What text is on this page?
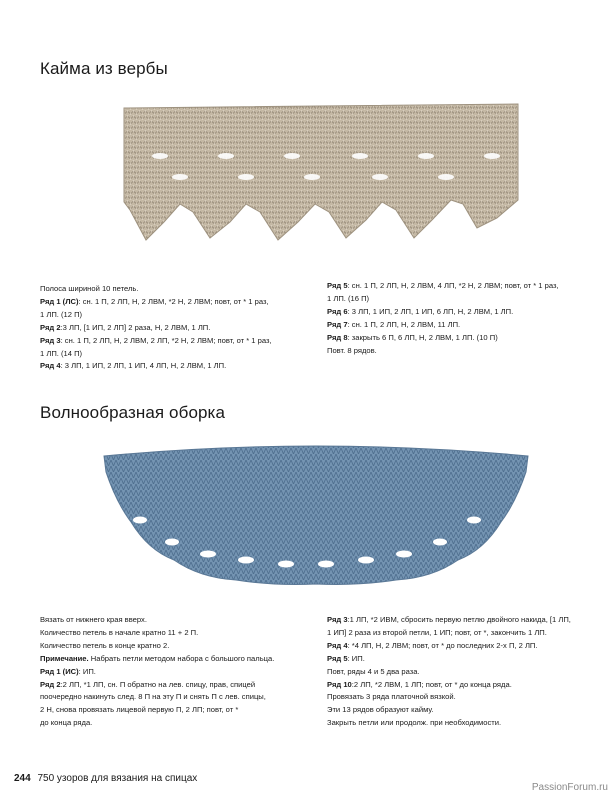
Кайма из вербы

Полоса шириной 10 петель.

Ряд 1 (ЛС): сн. 1 П, 2 ЛП, Н, 2 ЛВМ, *2 Н, 2 ЛВМ; повт, от * 1 раз,

1 ЛП. (12 П)

Ряд 2:3 ЛП, [1 ИП, 2 ЛП] 2 раза, Н, 2 ЛВМ, 1 ЛП.

Ряд 3: сн. 1 П, 2 ЛП, Н, 2 ЛВМ, 2 ЛП, *2 Н, 2 ЛВМ; повт, от * 1 раз,

1 ЛП. (14 П)

Ряд 4: 3 ЛП, 1 ИП, 2 ЛП, 1 ИП, 4 ЛП, Н, 2 ЛВМ, 1 ЛП.

Ряд 5: сн. 1 П, 2 ЛП, Н, 2 ЛВМ, 4 ЛП, *2 Н, 2 ЛВМ; повт, от * 1 раз,

1 ЛП. (16 П)

Ряд 6: 3 ЛП, 1 ИП, 2 ЛП, 1 ИП, 6 ЛП, Н, 2 ЛВМ, 1 ЛП.

Ряд 7: сн. 1 П, 2 ЛП, Н, 2 ЛВМ, 11 ЛП.

Ряд 8: закрыть 6 П, 6 ЛП, Н, 2 ЛВМ, 1 ЛП. (10 П)

Повт. 8 рядов.

Волнообразная оборка

Вязать от нижнего края вверх.

Количество петель в начале кратно 11 + 2 П.

Количество петель в конце кратно 2.

Примечание. Набрать петли методом набора с большого пальца.

Ряд 1 (ИС): ИП.

Ряд 2:2 ЛП, *1 ЛП, сн. П обратно на лев. спицу, прав, спицей

поочередно накинуть след. 8 П на эту П и снять П с лев. спицы,

2 Н, снова провязать лицевой первую П, 2 ЛП; повт, от *

до конца ряда.

Ряд 3:1 ЛП, *2 ИВМ, сбросить первую петлю двойного накида, [1 ЛП,

1 ИП] 2 раза из второй петли, 1 ИП; повт, от *, закончить 1 ЛП.

Ряд 4: *4 ЛП, Н, 2 ЛВМ; повт, от * до последних 2-х П, 2 ЛП.

Ряд 5: ИП.

Повт, ряды 4 и 5 два раза.

Ряд 10:2 ЛП, *2 ЛВМ, 1 ЛП; повт, от * до конца ряда.

Провязать 3 ряда платочной вязкой.

Эти 13 рядов образуют кайму.

Закрыть петли или продолж. при необходимости.

244 750 узоров для вязания на спицах
PassionForum.ru
